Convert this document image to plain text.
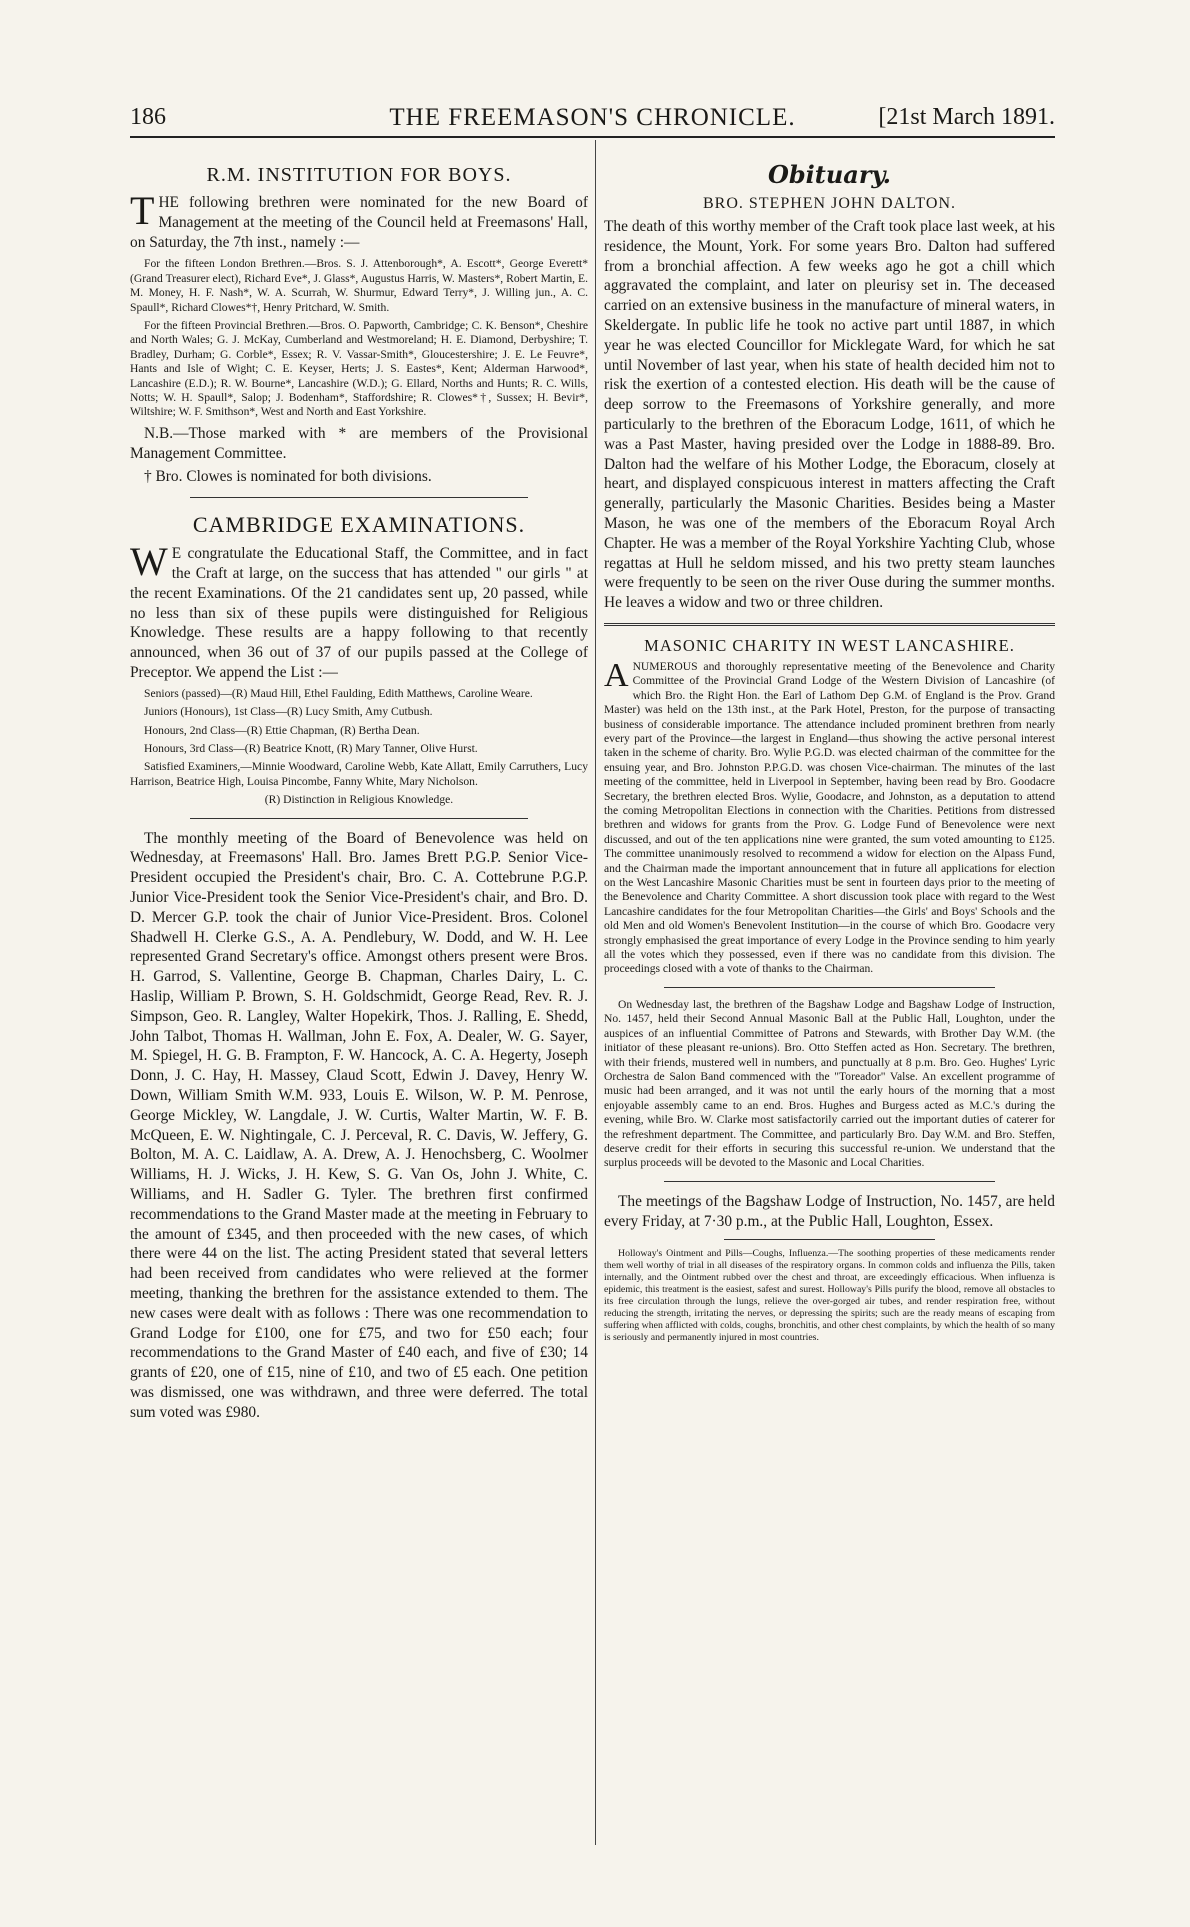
186	THE FREEMASON'S CHRONICLE.	[21st March 1891.
R.M. INSTITUTION FOR BOYS.
T HE following brethren were nominated for the new Board of Management at the meeting of the Council held at Freemasons' Hall, on Saturday, the 7th inst., namely :—

For the fifteen London Brethren.—Bros. S. J. Attenborough*, A. Escott*, George Everett* (Grand Treasurer elect), Richard Eve*, J. Glass*, Augustus Harris, W. Masters*, Robert Martin, E. M. Money, H. F. Nash*, W. A. Scurrah, W. Shurmur, Edward Terry*, J. Willing jun., A. C. Spaull*, Richard Clowes*†, Henry Pritchard, W. Smith.

For the fifteen Provincial Brethren.—Bros. O. Papworth, Cambridge; C. K. Benson*, Cheshire and North Wales; G. J. McKay, Cumberland and Westmoreland; H. E. Diamond, Derbyshire; T. Bradley, Durham; G. Corble*, Essex; R. V. Vassar-Smith*, Gloucestershire; J. E. Le Feuvre*, Hants and Isle of Wight; C. E. Keyser, Herts; J. S. Eastes*, Kent; Alderman Harwood*, Lancashire (E.D.); R. W. Bourne*, Lancashire (W.D.); G. Ellard, Norths and Hunts; R. C. Wills, Notts; W. H. Spaull*, Salop; J. Bodenham*, Staffordshire; R. Clowes*†, Sussex; H. Bevir*, Wiltshire; W. F. Smithson*, West and North and East Yorkshire.

N.B.—Those marked with * are members of the Provisional Management Committee.

† Bro. Clowes is nominated for both divisions.

CAMBRIDGE EXAMINATIONS.
W E congratulate the Educational Staff, the Committee, and in fact the Craft at large, on the success that has attended " our girls " at the recent Examinations. Of the 21 candidates sent up, 20 passed, while no less than six of these pupils were distinguished for Religious Knowledge. These results are a happy following to that recently announced, when 36 out of 37 of our pupils passed at the College of Preceptor. We append the List :—

Seniors (passed)—(R) Maud Hill, Ethel Faulding, Edith Matthews, Caroline Weare.

Juniors (Honours), 1st Class—(R) Lucy Smith, Amy Cutbush.

Honours, 2nd Class—(R) Ettie Chapman, (R) Bertha Dean.

Honours, 3rd Class—(R) Beatrice Knott, (R) Mary Tanner, Olive Hurst.

Satisfied Examiners,—Minnie Woodward, Caroline Webb, Kate Allatt, Emily Carruthers, Lucy Harrison, Beatrice High, Louisa Pincombe, Fanny White, Mary Nicholson.

(R) Distinction in Religious Knowledge.

The monthly meeting of the Board of Benevolence was held on Wednesday, at Freemasons' Hall. Bro. James Brett P.G.P. Senior Vice-President occupied the President's chair, Bro. C. A. Cottebrune P.G.P. Junior Vice-President took the Senior Vice-President's chair, and Bro. D. D. Mercer G.P. took the chair of Junior Vice-President. Bros. Colonel Shadwell H. Clerke G.S., A. A. Pendlebury, W. Dodd, and W. H. Lee represented Grand Secretary's office. Amongst others present were Bros. H. Garrod, S. Vallentine, George B. Chapman, Charles Dairy, L. C. Haslip, William P. Brown, S. H. Goldschmidt, George Read, Rev. R. J. Simpson, Geo. R. Langley, Walter Hopekirk, Thos. J. Ralling, E. Shedd, John Talbot, Thomas H. Wallman, John E. Fox, A. Dealer, W. G. Sayer, M. Spiegel, H. G. B. Frampton, F. W. Hancock, A. C. A. Hegerty, Joseph Donn, J. C. Hay, H. Massey, Claud Scott, Edwin J. Davey, Henry W. Down, William Smith W.M. 933, Louis E. Wilson, W. P. M. Penrose, George Mickley, W. Langdale, J. W. Curtis, Walter Martin, W. F. B. McQueen, E. W. Nightingale, C. J. Perceval, R. C. Davis, W. Jeffery, G. Bolton, M. A. C. Laidlaw, A. A. Drew, A. J. Henochsberg, C. Woolmer Williams, H. J. Wicks, J. H. Kew, S. G. Van Os, John J. White, C. Williams, and H. Sadler G. Tyler. The brethren first confirmed recommendations to the Grand Master made at the meeting in February to the amount of £345, and then proceeded with the new cases, of which there were 44 on the list. The acting President stated that several letters had been received from candidates who were relieved at the former meeting, thanking the brethren for the assistance extended to them. The new cases were dealt with as follows : There was one recommendation to Grand Lodge for £100, one for £75, and two for £50 each; four recommendations to the Grand Master of £40 each, and five of £30; 14 grants of £20, one of £15, nine of £10, and two of £5 each. One petition was dismissed, one was withdrawn, and three were deferred. The total sum voted was £980.

Obituary.
BRO. STEPHEN JOHN DALTON.

The death of this worthy member of the Craft took place last week, at his residence, the Mount, York. For some years Bro. Dalton had suffered from a bronchial affection. A few weeks ago he got a chill which aggravated the complaint, and later on pleurisy set in. The deceased carried on an extensive business in the manufacture of mineral waters, in Skeldergate. In public life he took no active part until 1887, in which year he was elected Councillor for Micklegate Ward, for which he sat until November of last year, when his state of health decided him not to risk the exertion of a contested election. His death will be the cause of deep sorrow to the Freemasons of Yorkshire generally, and more particularly to the brethren of the Eboracum Lodge, 1611, of which he was a Past Master, having presided over the Lodge in 1888-89. Bro. Dalton had the welfare of his Mother Lodge, the Eboracum, closely at heart, and displayed conspicuous interest in matters affecting the Craft generally, particularly the Masonic Charities. Besides being a Master Mason, he was one of the members of the Eboracum Royal Arch Chapter. He was a member of the Royal Yorkshire Yachting Club, whose regattas at Hull he seldom missed, and his two pretty steam launches were frequently to be seen on the river Ouse during the summer months. He leaves a widow and two or three children.

MASONIC CHARITY IN WEST LANCASHIRE.
A NUMEROUS and thoroughly representative meeting of the Benevolence and Charity Committee of the Provincial Grand Lodge of the Western Division of Lancashire (of which Bro. the Right Hon. the Earl of Lathom Dep G.M. of England is the Prov. Grand Master) was held on the 13th inst., at the Park Hotel, Preston, for the purpose of transacting business of considerable importance. The attendance included prominent brethren from nearly every part of the Province—the largest in England—thus showing the active personal interest taken in the scheme of charity. Bro. Wylie P.G.D. was elected chairman of the committee for the ensuing year, and Bro. Johnston P.P.G.D. was chosen Vice-chairman. The minutes of the last meeting of the committee, held in Liverpool in September, having been read by Bro. Goodacre Secretary, the brethren elected Bros. Wylie, Goodacre, and Johnston, as a deputation to attend the coming Metropolitan Elections in connection with the Charities. Petitions from distressed brethren and widows for grants from the Prov. G. Lodge Fund of Benevolence were next discussed, and out of the ten applications nine were granted, the sum voted amounting to £125. The committee unanimously resolved to recommend a widow for election on the Alpass Fund, and the Chairman made the important announcement that in future all applications for election on the West Lancashire Masonic Charities must be sent in fourteen days prior to the meeting of the Benevolence and Charity Committee. A short discussion took place with regard to the West Lancashire candidates for the four Metropolitan Charities—the Girls' and Boys' Schools and the old Men and old Women's Benevolent Institution—in the course of which Bro. Goodacre very strongly emphasised the great importance of every Lodge in the Province sending to him yearly all the votes which they possessed, even if there was no candidate from this division. The proceedings closed with a vote of thanks to the Chairman.

On Wednesday last, the brethren of the Bagshaw Lodge and Bagshaw Lodge of Instruction, No. 1457, held their Second Annual Masonic Ball at the Public Hall, Loughton, under the auspices of an influential Committee of Patrons and Stewards, with Brother Day W.M. (the initiator of these pleasant re-unions). Bro. Otto Steffen acted as Hon. Secretary. The brethren, with their friends, mustered well in numbers, and punctually at 8 p.m. Bro. Geo. Hughes' Lyric Orchestra de Salon Band commenced with the "Toreador" Valse. An excellent programme of music had been arranged, and it was not until the early hours of the morning that a most enjoyable assembly came to an end. Bros. Hughes and Burgess acted as M.C.'s during the evening, while Bro. W. Clarke most satisfactorily carried out the important duties of caterer for the refreshment department. The Committee, and particularly Bro. Day W.M. and Bro. Steffen, deserve credit for their efforts in securing this successful re-union. We understand that the surplus proceeds will be devoted to the Masonic and Local Charities.

The meetings of the Bagshaw Lodge of Instruction, No. 1457, are held every Friday, at 7·30 p.m., at the Public Hall, Loughton, Essex.

Holloway's Ointment and Pills—Coughs, Influenza.—The soothing properties of these medicaments render them well worthy of trial in all diseases of the respiratory organs. In common colds and influenza the Pills, taken internally, and the Ointment rubbed over the chest and throat, are exceedingly efficacious. When influenza is epidemic, this treatment is the easiest, safest and surest. Holloway's Pills purify the blood, remove all obstacles to its free circulation through the lungs, relieve the over-gorged air tubes, and render respiration free, without reducing the strength, irritating the nerves, or depressing the spirits; such are the ready means of escaping from suffering when afflicted with colds, coughs, bronchitis, and other chest complaints, by which the health of so many is seriously and permanently injured in most countries.
